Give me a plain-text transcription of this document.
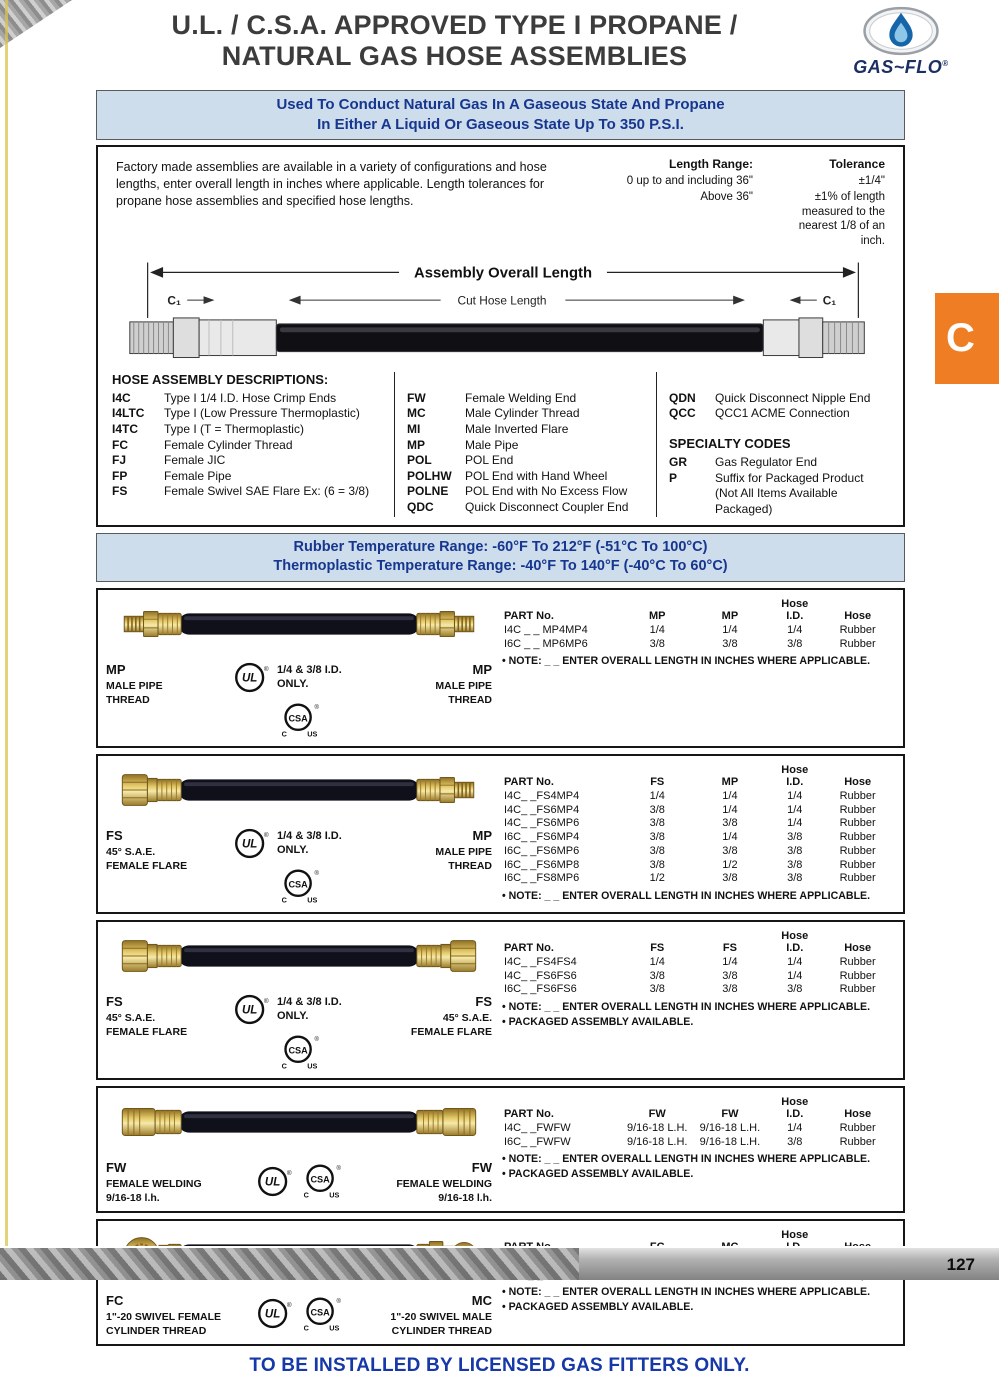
U.L. / C.S.A. APPROVED TYPE I PROPANE /
NATURAL GAS HOSE ASSEMBLIES	GAS~FLO®
Used To Conduct Natural Gas In A Gaseous State And Propane
In Either A Liquid Or Gaseous State Up To 350 P.S.I.

Factory made assemblies are available in a variety of configurations and hose lengths, enter overall length in inches where applicable. Length tolerances for propane hose assemblies and specified hose lengths.

Length Range:	Tolerance
0 up to and including 36"	±1/4"
Above 36"	±1% of length measured to the nearest 1/8 of an inch.
Assembly Overall Length
Cut Hose Length
C₁	C₁
HOSE ASSEMBLY DESCRIPTIONS:
I4C	Type I 1/4 I.D. Hose Crimp Ends
I4LTC	Type I (Low Pressure Thermoplastic)
I4TC	Type I (T = Thermoplastic)
FC	Female Cylinder Thread
FJ	Female JIC
FP	Female Pipe
FS	Female Swivel SAE Flare Ex: (6 = 3/8)
FW	Female Welding End
MC	Male Cylinder Thread
MI	Male Inverted Flare
MP	Male Pipe
POL	POL End
POLHW	POL End with Hand Wheel
POLNE	POL End with No Excess Flow
QDC	Quick Disconnect Coupler End
QDN	Quick Disconnect Nipple End
QCC	QCC1 ACME Connection
SPECIALTY CODES
GR	Gas Regulator End
P	Suffix for Packaged Product
(Not All Items Available Packaged)
Rubber Temperature Range: -60°F To 212°F (-51°C To 100°C)
Thermoplastic Temperature Range: -40°F To 140°F (-40°C To 60°C)
MP
MALE PIPE
THREAD
UL
® 1/4 & 3/8 I.D. ONLY.
CSA
®
C	US
MP
MALE PIPE
THREAD
			Hose	
PART No.	MP	MP	I.D.	Hose
I4C _ _ MP4MP4	1/4	1/4	1/4	Rubber
I6C _ _ MP6MP6	3/8	3/8	3/8	Rubber
• NOTE: _ _ ENTER OVERALL LENGTH IN INCHES WHERE APPLICABLE.
FS
45° S.A.E.
FEMALE FLARE
UL
® 1/4 & 3/8 I.D. ONLY.
CSA
®
C	US
MP
MALE PIPE
THREAD
			Hose	
PART No.	FS	MP	I.D.	Hose
I4C_ _FS4MP4	1/4	1/4	1/4	Rubber
I4C_ _FS6MP4	3/8	1/4	1/4	Rubber
I4C_ _FS6MP6	3/8	3/8	1/4	Rubber
I6C_ _FS6MP4	3/8	1/4	3/8	Rubber
I6C_ _FS6MP6	3/8	3/8	3/8	Rubber
I6C_ _FS6MP8	3/8	1/2	3/8	Rubber
I6C_ _FS8MP6	1/2	3/8	3/8	Rubber
• NOTE: _ _ ENTER OVERALL LENGTH IN INCHES WHERE APPLICABLE.
FS
45° S.A.E.
FEMALE FLARE
UL
® 1/4 & 3/8 I.D. ONLY.
CSA
®
C	US
FS
45° S.A.E.
FEMALE FLARE
			Hose	
PART No.	FS	FS	I.D.	Hose
I4C_ _FS4FS4	1/4	1/4	1/4	Rubber
I4C_ _FS6FS6	3/8	3/8	1/4	Rubber
I6C_ _FS6FS6	3/8	3/8	3/8	Rubber
• NOTE: _ _ ENTER OVERALL LENGTH IN INCHES WHERE APPLICABLE.
• PACKAGED ASSEMBLY AVAILABLE.
FW
FEMALE WELDING
9/16-18 l.h.
UL
®
CSA
®
C	US
FW
FEMALE WELDING
9/16-18 l.h.
			Hose	
PART No.	FW	FW	I.D.	Hose
I4C_ _FWFW	9/16-18 L.H.	9/16-18 L.H.	1/4	Rubber
I6C_ _FWFW	9/16-18 L.H.	9/16-18 L.H.	3/8	Rubber
• NOTE: _ _ ENTER OVERALL LENGTH IN INCHES WHERE APPLICABLE.
• PACKAGED ASSEMBLY AVAILABLE.
FC
1"-20 SWIVEL FEMALE
CYLINDER THREAD
UL
®
CSA
®
C	US
MC
1"-20 SWIVEL MALE
CYLINDER THREAD
			Hose	

• NOTE: _ _ ENTER OVERALL LENGTH IN INCHES WHERE APPLICABLE.
• PACKAGED ASSEMBLY AVAILABLE.
TO BE INSTALLED BY LICENSED GAS FITTERS ONLY.
C
127
